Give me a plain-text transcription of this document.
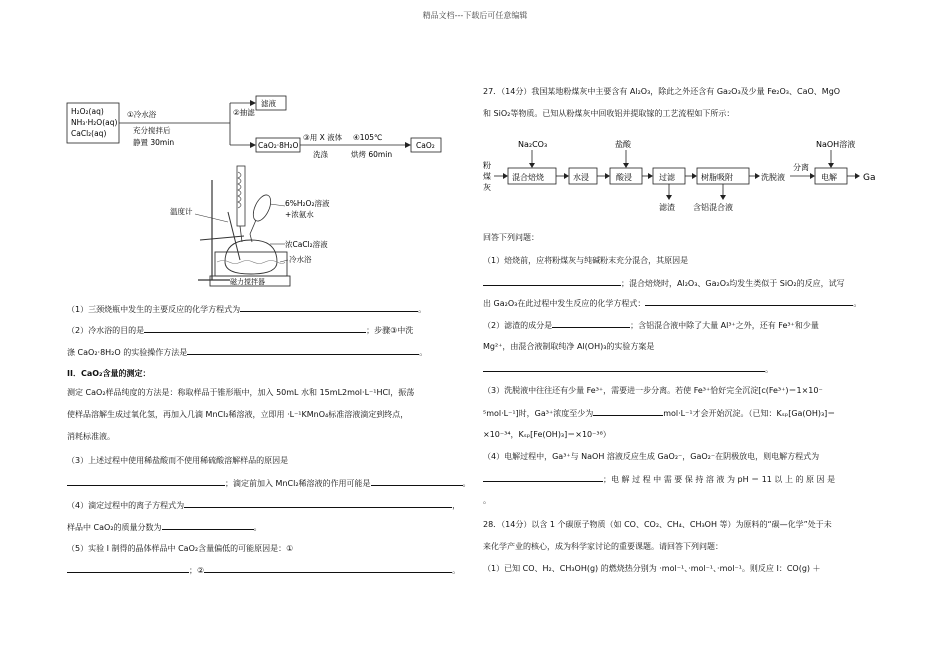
精品文档---下载后可任意编辑
H₂O₂(aq)
NH₃·H₂O(aq)
CaCl₂(aq)
①冷水浴
充分搅拌后
静置 30min
②抽滤
滤液
CaO₂·8H₂O
③用 X 液体
洗涤
④105℃
烘烤 60min
CaO₂
温度计
6%H₂O₂溶液
+浓氨水
浓CaCl₂溶液
冷水浴
磁力搅拌器
（1）三颈烧瓶中发生的主要反应的化学方程式为	。
（2）冷水浴的目的是	；步骤③中洗
涤 CaO₂·8H₂O 的实验操作方法是	。
II．CaO₂含量的测定：
测定 CaO₂样品纯度的方法是：称取样品于锥形瓶中，加入 50mL 水和 15mL2mol·L⁻¹HCl，振荡
使样品溶解生成过氧化氢，再加入几滴 MnCl₂稀溶液，立即用 ·L⁻¹KMnO₄标准溶液滴定到终点，
消耗标准液。
（3）上述过程中使用稀盐酸而不使用稀硫酸溶解样品的原因是
；滴定前加入 MnCl₂稀溶液的作用可能是	。
（4）滴定过程中的离子方程式为	，
样品中 CaO₂的质量分数为	。
（5）实验 I 制得的晶体样品中 CaO₂含量偏低的可能原因是：①
；②	。
27．（14分）我国某地粉煤灰中主要含有 Al₂O₃，除此之外还含有 Ga₂O₃及少量 Fe₂O₃、CaO、MgO
和 SiO₂等物质。已知从粉煤灰中回收铝并提取镓的工艺流程如下所示：
粉
煤
灰
混合焙烧
Na₂CO₃
水浸	酸浸
盐酸
过滤
滤渣
树脂吸附
含铝混合液
洗脱液
分离
电解
NaOH溶液
Ga
回答下列问题：
（1）焙烧前，应将粉煤灰与纯碱粉末充分混合，其原因是
；混合焙烧时，Al₂O₃、Ga₂O₃均发生类似于 SiO₂的反应，试写
出 Ga₂O₃在此过程中发生反应的化学方程式：	。
（2）滤渣的成分是	；含铝混合液中除了大量 Al³⁺之外，还有 Fe³⁺和少量
Mg²⁺，由混合液制取纯净 Al(OH)₃的实验方案是
。
（3）洗脱液中往往还有少量 Fe³⁺，需要进一步分离。若使 Fe³⁺恰好完全沉淀[c(Fe³⁺)＝1×10⁻
⁵mol·L⁻¹]时，Ga³⁺浓度至少为	mol·L⁻¹才会开始沉淀。（已知：Kₛₚ[Ga(OH)₃]＝
×10⁻³⁴，Kₛₚ[Fe(OH)₃]＝×10⁻³⁸）
（4）电解过程中，Ga³⁺与 NaOH 溶液反应生成 GaO₂⁻，GaO₂⁻在阴极放电，则电解方程式为
；电 解 过 程 中 需 要 保 持 溶 液 为 pH ＝ 11 以 上 的 原 因 是
。
28．（14分）以含 1 个碳原子物质（如 CO、CO₂、CH₄、CH₃OH 等）为原料的“碳—化学”处于未
来化学产业的核心，成为科学家讨论的重要课题。请回答下列问题：
（1）已知 CO、H₂、CH₃OH(g) 的燃烧热分别为 ·mol⁻¹、·mol⁻¹、·mol⁻¹。则反应 I：CO(g) ＋
